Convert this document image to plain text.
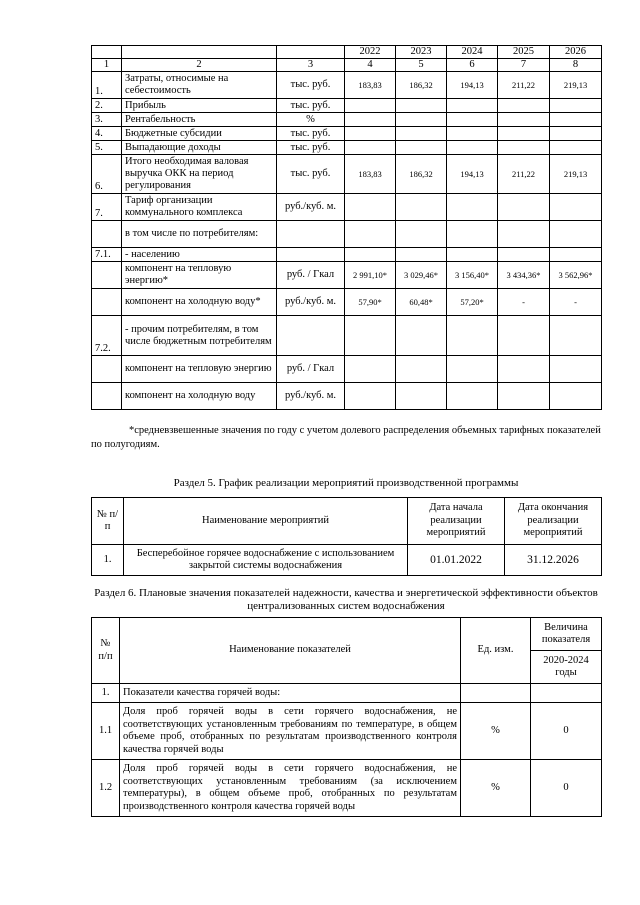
			2022	2023	2024	2025	2026
1	2	3	4	5	6	7	8
1.	Затраты, относимые на себестоимость	тыс. руб.	183,83	186,32	194,13	211,22	219,13
2.	Прибыль	тыс. руб.					
3.	Рентабельность	%					
4.	Бюджетные субсидии	тыс. руб.					
5.	Выпадающие доходы	тыс. руб.					
6.	Итого необходимая валовая выручка ОКК на период регулирования	тыс. руб.	183,83	186,32	194,13	211,22	219,13
7.	Тариф организации коммунального комплекса	руб./куб. м.					
	в том числе по потребителям:						
7.1.	- населению						
	компонент на тепловую энергию*	руб. / Гкал	2 991,10*	3 029,46*	3 156,40*	3 434,36*	3 562,96*
	компонент на холодную воду*	руб./куб. м.	57,90*	60,48*	57,20*	-	-
7.2.	- прочим потребителям, в том числе бюджетным потребителям						
	компонент на тепловую энергию	руб. / Гкал					
	компонент на холодную воду	руб./куб. м.					
*средневзвешенные значения по году с учетом долевого распределения объемных тарифных показателей по полугодиям.
Раздел 5. График реализации мероприятий производственной программы
№ п/п	Наименование мероприятий	Дата начала реализации мероприятий	Дата окончания реализации мероприятий
1.	Бесперебойное горячее водоснабжение с использованием закрытой системы водоснабжения	01.01.2022	31.12.2026
Раздел 6. Плановые значения показателей надежности, качества и энергетической эффективности объектов централизованных систем водоснабжения
№ п/п	Наименование показателей	Ед. изм.	Величина показателя
			2020-2024 годы
1.	Показатели качества горячей воды:		
1.1	Доля проб горячей воды в сети горячего водоснабжения, не соответствующих установленным требованиям по температуре, в общем объеме проб, отобранных по результатам производственного контроля качества горячей воды	%	0
1.2	Доля проб горячей воды в сети горячего водоснабжения, не соответствующих установленным требованиям (за исключением температуры), в общем объеме проб, отобранных по результатам производственного контроля качества горячей воды	%	0
